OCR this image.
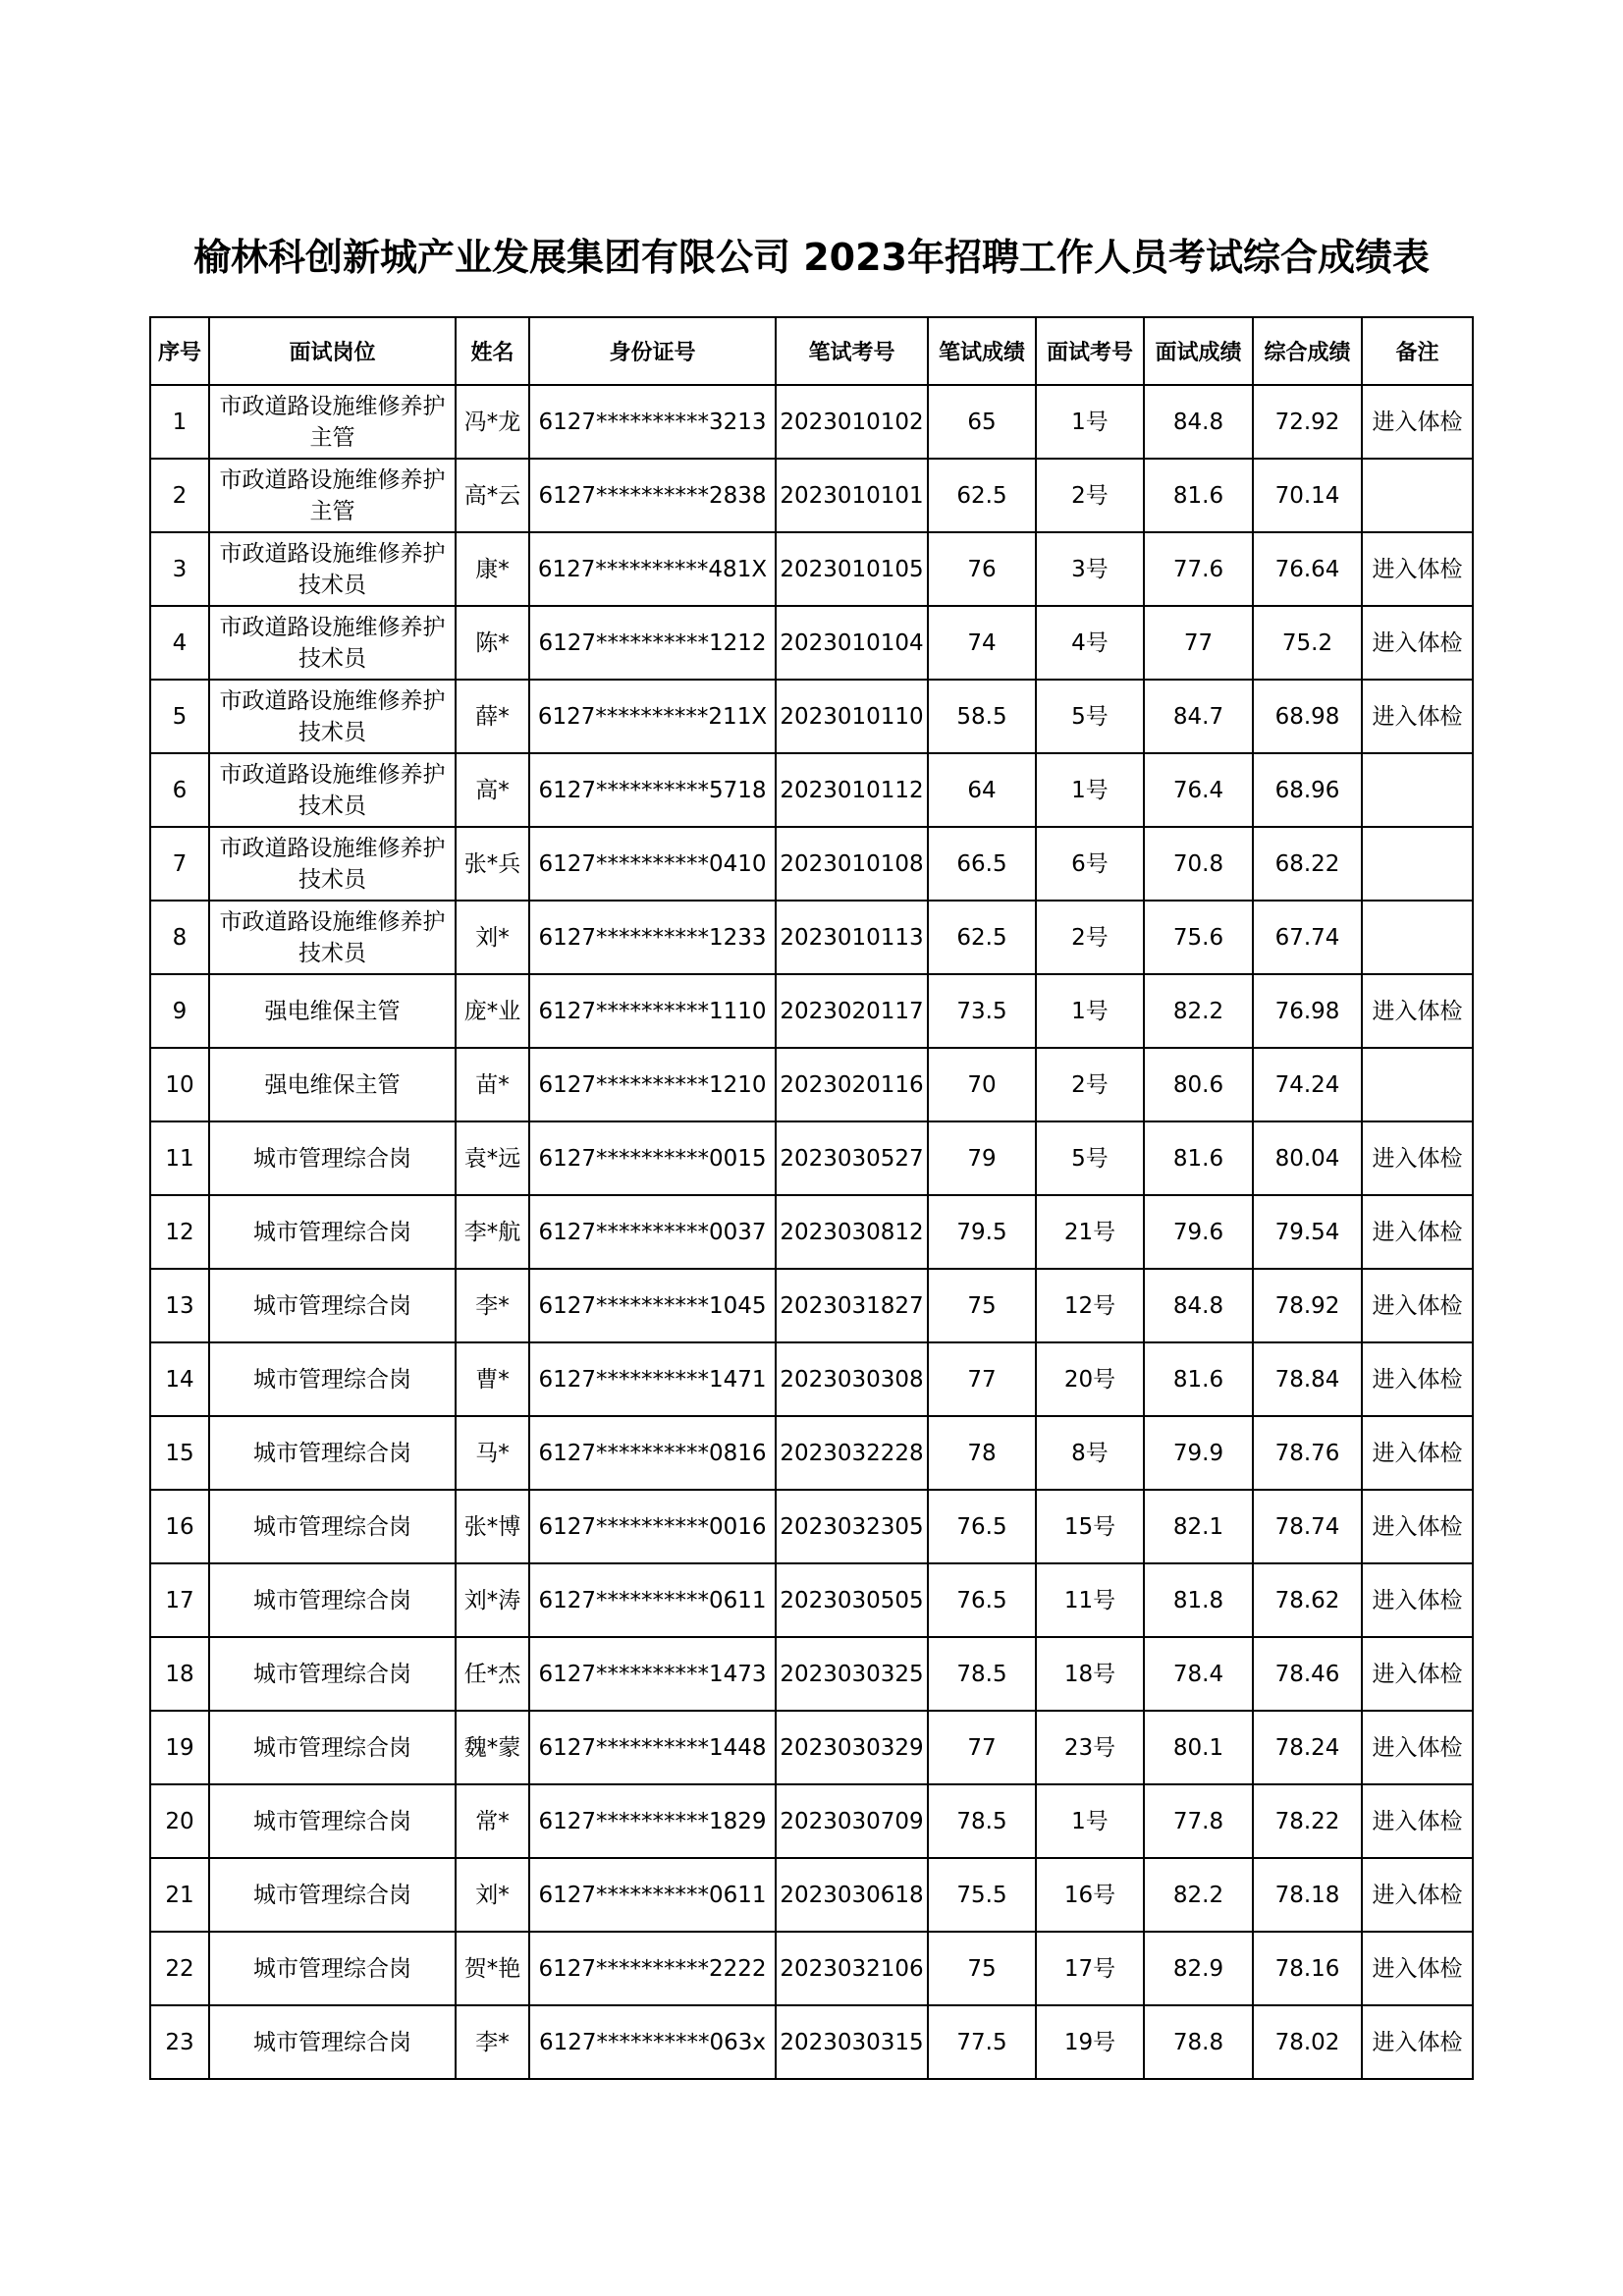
榆林科创新城产业发展集团有限公司 2023年招聘工作人员考试综合成绩表
序号	面试岗位	姓名	身份证号	笔试考号	笔试成绩	面试考号	面试成绩	综合成绩	备注
1	市政道路设施维修养护主管	冯*龙	6127**********3213	2023010102	65	1号	84.8	72.92	进入体检
2	市政道路设施维修养护主管	高*云	6127**********2838	2023010101	62.5	2号	81.6	70.14	
3	市政道路设施维修养护技术员	康*	6127**********481X	2023010105	76	3号	77.6	76.64	进入体检
4	市政道路设施维修养护技术员	陈*	6127**********1212	2023010104	74	4号	77	75.2	进入体检
5	市政道路设施维修养护技术员	薛*	6127**********211X	2023010110	58.5	5号	84.7	68.98	进入体检
6	市政道路设施维修养护技术员	高*	6127**********5718	2023010112	64	1号	76.4	68.96	
7	市政道路设施维修养护技术员	张*兵	6127**********0410	2023010108	66.5	6号	70.8	68.22	
8	市政道路设施维修养护技术员	刘*	6127**********1233	2023010113	62.5	2号	75.6	67.74	
9	强电维保主管	庞*业	6127**********1110	2023020117	73.5	1号	82.2	76.98	进入体检
10	强电维保主管	苗*	6127**********1210	2023020116	70	2号	80.6	74.24	
11	城市管理综合岗	袁*远	6127**********0015	2023030527	79	5号	81.6	80.04	进入体检
12	城市管理综合岗	李*航	6127**********0037	2023030812	79.5	21号	79.6	79.54	进入体检
13	城市管理综合岗	李*	6127**********1045	2023031827	75	12号	84.8	78.92	进入体检
14	城市管理综合岗	曹*	6127**********1471	2023030308	77	20号	81.6	78.84	进入体检
15	城市管理综合岗	马*	6127**********0816	2023032228	78	8号	79.9	78.76	进入体检
16	城市管理综合岗	张*博	6127**********0016	2023032305	76.5	15号	82.1	78.74	进入体检
17	城市管理综合岗	刘*涛	6127**********0611	2023030505	76.5	11号	81.8	78.62	进入体检
18	城市管理综合岗	任*杰	6127**********1473	2023030325	78.5	18号	78.4	78.46	进入体检
19	城市管理综合岗	魏*蒙	6127**********1448	2023030329	77	23号	80.1	78.24	进入体检
20	城市管理综合岗	常*	6127**********1829	2023030709	78.5	1号	77.8	78.22	进入体检
21	城市管理综合岗	刘*	6127**********0611	2023030618	75.5	16号	82.2	78.18	进入体检
22	城市管理综合岗	贺*艳	6127**********2222	2023032106	75	17号	82.9	78.16	进入体检
23	城市管理综合岗	李*	6127**********063x	2023030315	77.5	19号	78.8	78.02	进入体检
